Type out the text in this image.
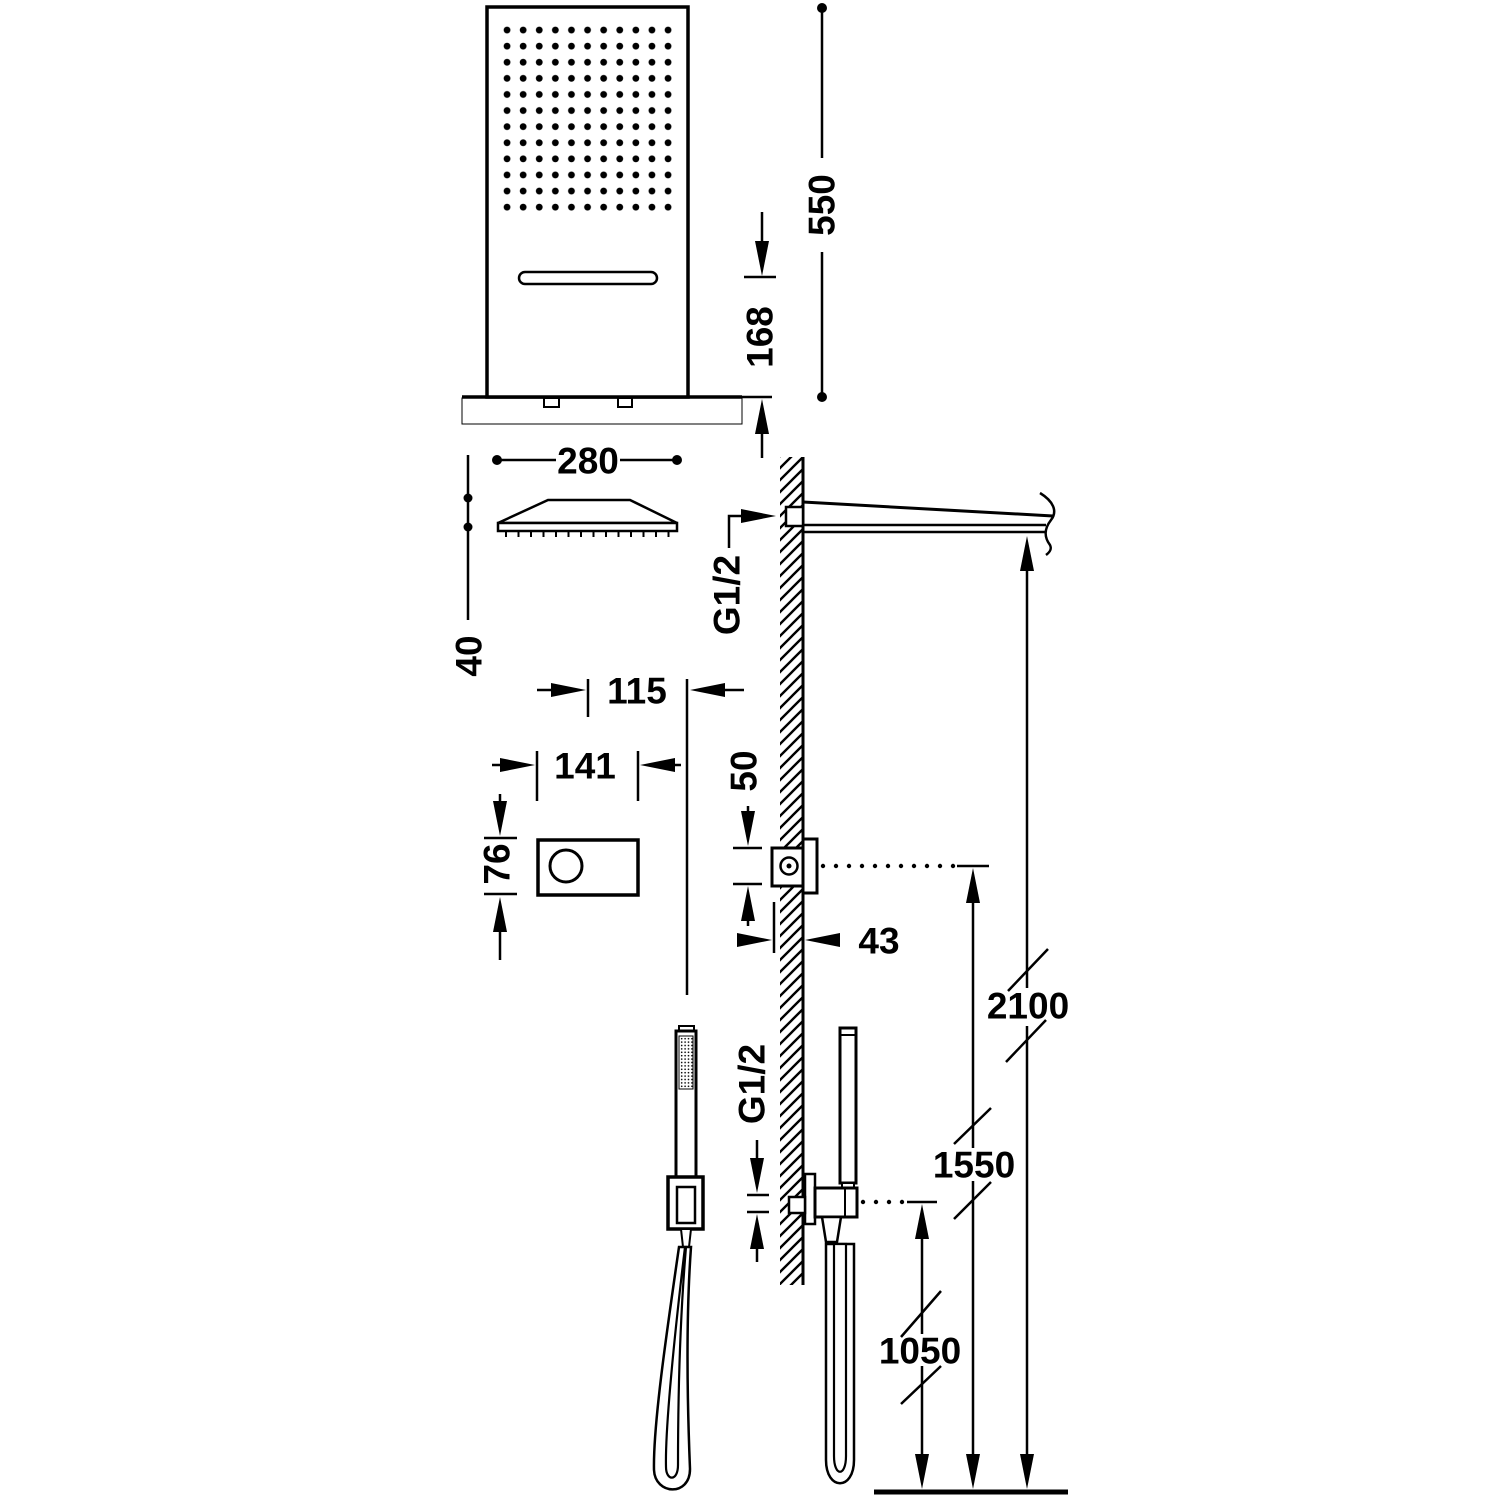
550
168
280
40
115
141
76
G1/2
50
43
G1/2
2100
1550
1050
